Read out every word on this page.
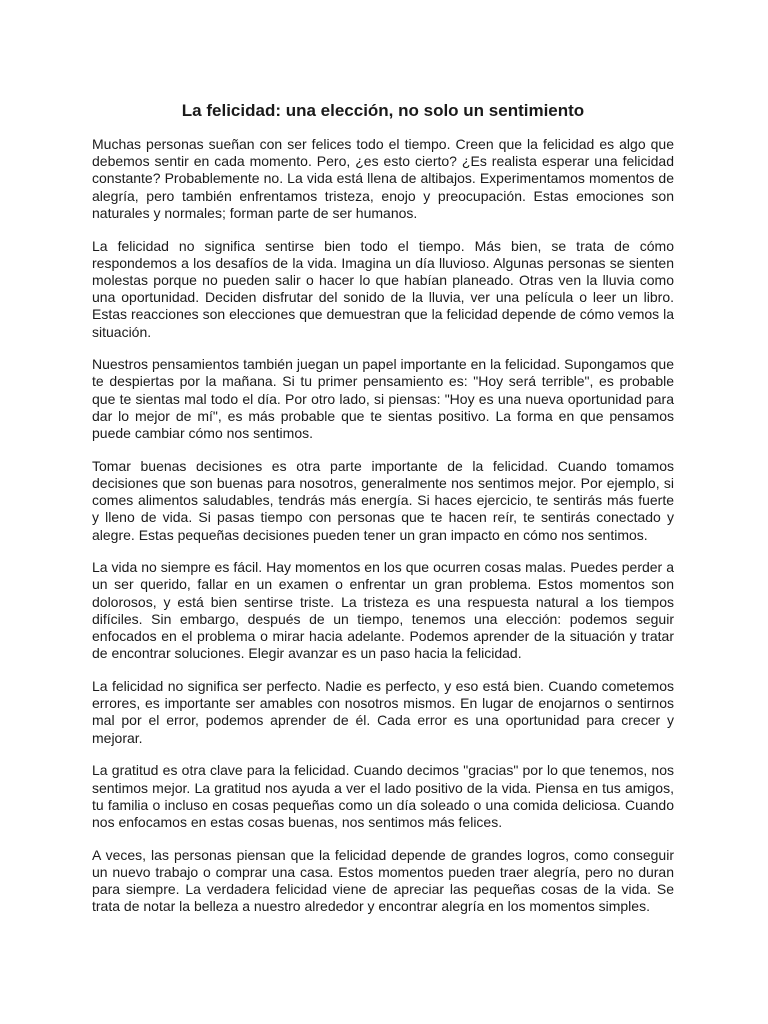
La felicidad: una elección, no solo un sentimiento

Muchas personas sueñan con ser felices todo el tiempo. Creen que la felicidad es algo que debemos sentir en cada momento. Pero, ¿es esto cierto? ¿Es realista esperar una felicidad constante? Probablemente no. La vida está llena de altibajos. Experimentamos momentos de alegría, pero también enfrentamos tristeza, enojo y preocupación. Estas emociones son naturales y normales; forman parte de ser humanos.

La felicidad no significa sentirse bien todo el tiempo. Más bien, se trata de cómo respondemos a los desafíos de la vida. Imagina un día lluvioso. Algunas personas se sienten molestas porque no pueden salir o hacer lo que habían planeado. Otras ven la lluvia como una oportunidad. Deciden disfrutar del sonido de la lluvia, ver una película o leer un libro. Estas reacciones son elecciones que demuestran que la felicidad depende de cómo vemos la situación.

Nuestros pensamientos también juegan un papel importante en la felicidad. Supongamos que te despiertas por la mañana. Si tu primer pensamiento es: "Hoy será terrible", es probable que te sientas mal todo el día. Por otro lado, si piensas: "Hoy es una nueva oportunidad para dar lo mejor de mí", es más probable que te sientas positivo. La forma en que pensamos puede cambiar cómo nos sentimos.

Tomar buenas decisiones es otra parte importante de la felicidad. Cuando tomamos decisiones que son buenas para nosotros, generalmente nos sentimos mejor. Por ejemplo, si comes alimentos saludables, tendrás más energía. Si haces ejercicio, te sentirás más fuerte y lleno de vida. Si pasas tiempo con personas que te hacen reír, te sentirás conectado y alegre. Estas pequeñas decisiones pueden tener un gran impacto en cómo nos sentimos.

La vida no siempre es fácil. Hay momentos en los que ocurren cosas malas. Puedes perder a un ser querido, fallar en un examen o enfrentar un gran problema. Estos momentos son dolorosos, y está bien sentirse triste. La tristeza es una respuesta natural a los tiempos difíciles. Sin embargo, después de un tiempo, tenemos una elección: podemos seguir enfocados en el problema o mirar hacia adelante. Podemos aprender de la situación y tratar de encontrar soluciones. Elegir avanzar es un paso hacia la felicidad.

La felicidad no significa ser perfecto. Nadie es perfecto, y eso está bien. Cuando cometemos errores, es importante ser amables con nosotros mismos. En lugar de enojarnos o sentirnos mal por el error, podemos aprender de él. Cada error es una oportunidad para crecer y mejorar.

La gratitud es otra clave para la felicidad. Cuando decimos "gracias" por lo que tenemos, nos sentimos mejor. La gratitud nos ayuda a ver el lado positivo de la vida. Piensa en tus amigos, tu familia o incluso en cosas pequeñas como un día soleado o una comida deliciosa. Cuando nos enfocamos en estas cosas buenas, nos sentimos más felices.

A veces, las personas piensan que la felicidad depende de grandes logros, como conseguir un nuevo trabajo o comprar una casa. Estos momentos pueden traer alegría, pero no duran para siempre. La verdadera felicidad viene de apreciar las pequeñas cosas de la vida. Se trata de notar la belleza a nuestro alrededor y encontrar alegría en los momentos simples.
